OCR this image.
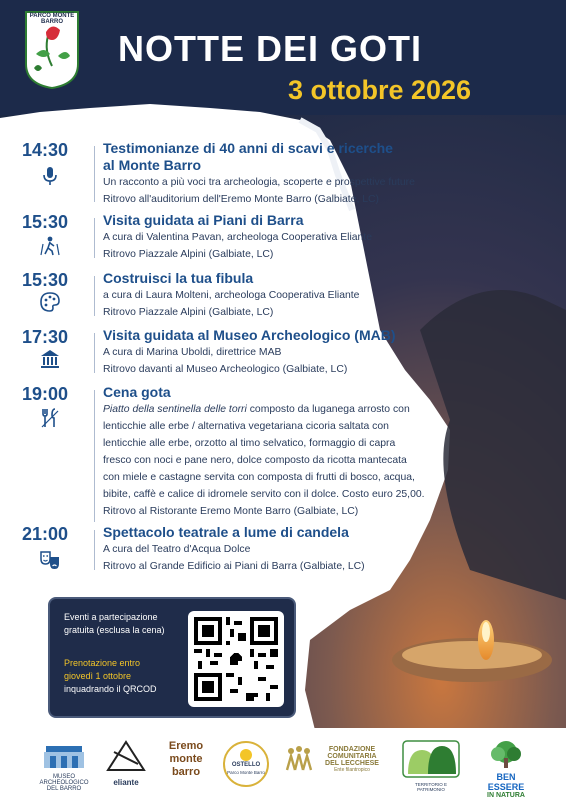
PARCO MONTE BARRO
NOTTE DEI GOTI
3 ottobre 2026
14:30	Testimonianze di 40 anni di scavi e ricerche
al Monte Barro
Un racconto a più voci tra archeologia, scoperte e prospettive future
Ritrovo all'auditorium dell'Eremo Monte Barro (Galbiate, LC)
15:30	Visita guidata ai Piani di Barra
A cura di Valentina Pavan, archeologa Cooperativa Eliante
Ritrovo Piazzale Alpini (Galbiate, LC)
15:30	Costruisci la tua fibula
a cura di Laura Molteni, archeologa Cooperativa Eliante
Ritrovo Piazzale Alpini (Galbiate, LC)
17:30	Visita guidata al Museo Archeologico (MAB)
A cura di Marina Uboldi, direttrice MAB
Ritrovo davanti al Museo Archeologico (Galbiate, LC)
19:00	Cena gota
Piatto della sentinella delle torri composto da luganega arrosto con
lenticchie alle erbe / alternativa vegetariana cicoria saltata con
lenticchie alle erbe, orzotto al timo selvatico, formaggio di capra
fresco con noci e pane nero, dolce composto da ricotta mantecata
con miele e castagne servita con composta di frutti di bosco, acqua,
bibite, caffè e calice di idromele servito con il dolce. Costo euro 25,00.
Ritrovo al Ristorante Eremo Monte Barro (Galbiate, LC)
21:00	Spettacolo teatrale a lume di candela
A cura del Teatro d'Acqua Dolce
Ritrovo al Grande Edificio ai Piani di Barra (Galbiate, LC)
Eventi a partecipazione
gratuita (esclusa la cena)
Prenotazione entro
giovedì 1 ottobre
inquadrando il QRCOD
MUSEO ARCHEOLOGICO
DEL BARRO
eliante
Eremo
monte
barro
OSTELLO
Parco Monte Barro
FONDAZIONE
COMUNITARIA
DEL LECCHESE
Ente filantropico
TERRITORIO E PATRIMONIO
BEN ESSERE
IN NATURA
